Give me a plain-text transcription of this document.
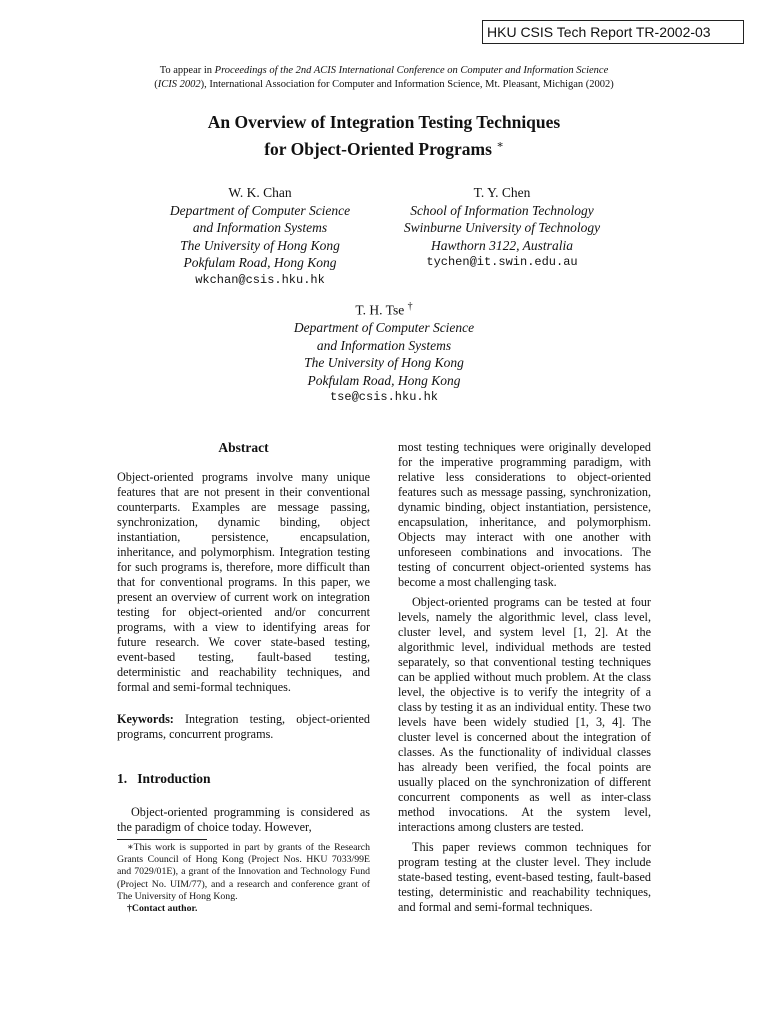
HKU CSIS Tech Report TR-2002-03
To appear in Proceedings of the 2nd ACIS International Conference on Computer and Information Science
(ICIS 2002), International Association for Computer and Information Science, Mt. Pleasant, Michigan (2002)
An Overview of Integration Testing Techniques
for Object-Oriented Programs ∗
W. K. Chan
Department of Computer Science
and Information Systems
The University of Hong Kong
Pokfulam Road, Hong Kong
wkchan@csis.hku.hk
T. Y. Chen
School of Information Technology
Swinburne University of Technology
Hawthorn 3122, Australia
tychen@it.swin.edu.au
T. H. Tse †
Department of Computer Science
and Information Systems
The University of Hong Kong
Pokfulam Road, Hong Kong
tse@csis.hku.hk
Abstract

Object-oriented programs involve many unique features that are not present in their conventional counterparts. Examples are message passing, synchronization, dynamic binding, object instantiation, persistence, encapsulation, inheritance, and polymorphism. Integration testing for such programs is, therefore, more difficult than that for conventional programs. In this paper, we present an overview of current work on integration testing for object-oriented and/or concurrent programs, with a view to identifying areas for future research. We cover state-based testing, event-based testing, fault-based testing, deterministic and reachability techniques, and formal and semi-formal techniques.

Keywords: Integration testing, object-oriented programs, concurrent programs.

1.   Introduction

Object-oriented programming is considered as the paradigm of choice today. However,

∗This work is supported in part by grants of the Research Grants Council of Hong Kong (Project Nos. HKU 7033/99E and 7029/01E), a grant of the Innovation and Technology Fund (Project No. UIM/77), and a research and conference grant of The University of Hong Kong.

†Contact author.

most testing techniques were originally developed for the imperative programming paradigm, with relative less considerations to object-oriented features such as message passing, synchronization, dynamic binding, object instantiation, persistence, encapsulation, inheritance, and polymorphism. Objects may interact with one another with unforeseen combinations and invocations. The testing of concurrent object-oriented systems has become a most challenging task.

Object-oriented programs can be tested at four levels, namely the algorithmic level, class level, cluster level, and system level [1, 2]. At the algorithmic level, individual methods are tested separately, so that conventional testing techniques can be applied without much problem. At the class level, the objective is to verify the integrity of a class by testing it as an individual entity. These two levels have been widely studied [1, 3, 4]. The cluster level is concerned about the integration of classes. As the functionality of individual classes has already been verified, the focal points are usually placed on the synchronization of different concurrent components as well as inter-class method invocations. At the system level, interactions among clusters are tested.

This paper reviews common techniques for program testing at the cluster level. They include state-based testing, event-based testing, fault-based testing, deterministic and reachability techniques, and formal and semi-formal techniques.
